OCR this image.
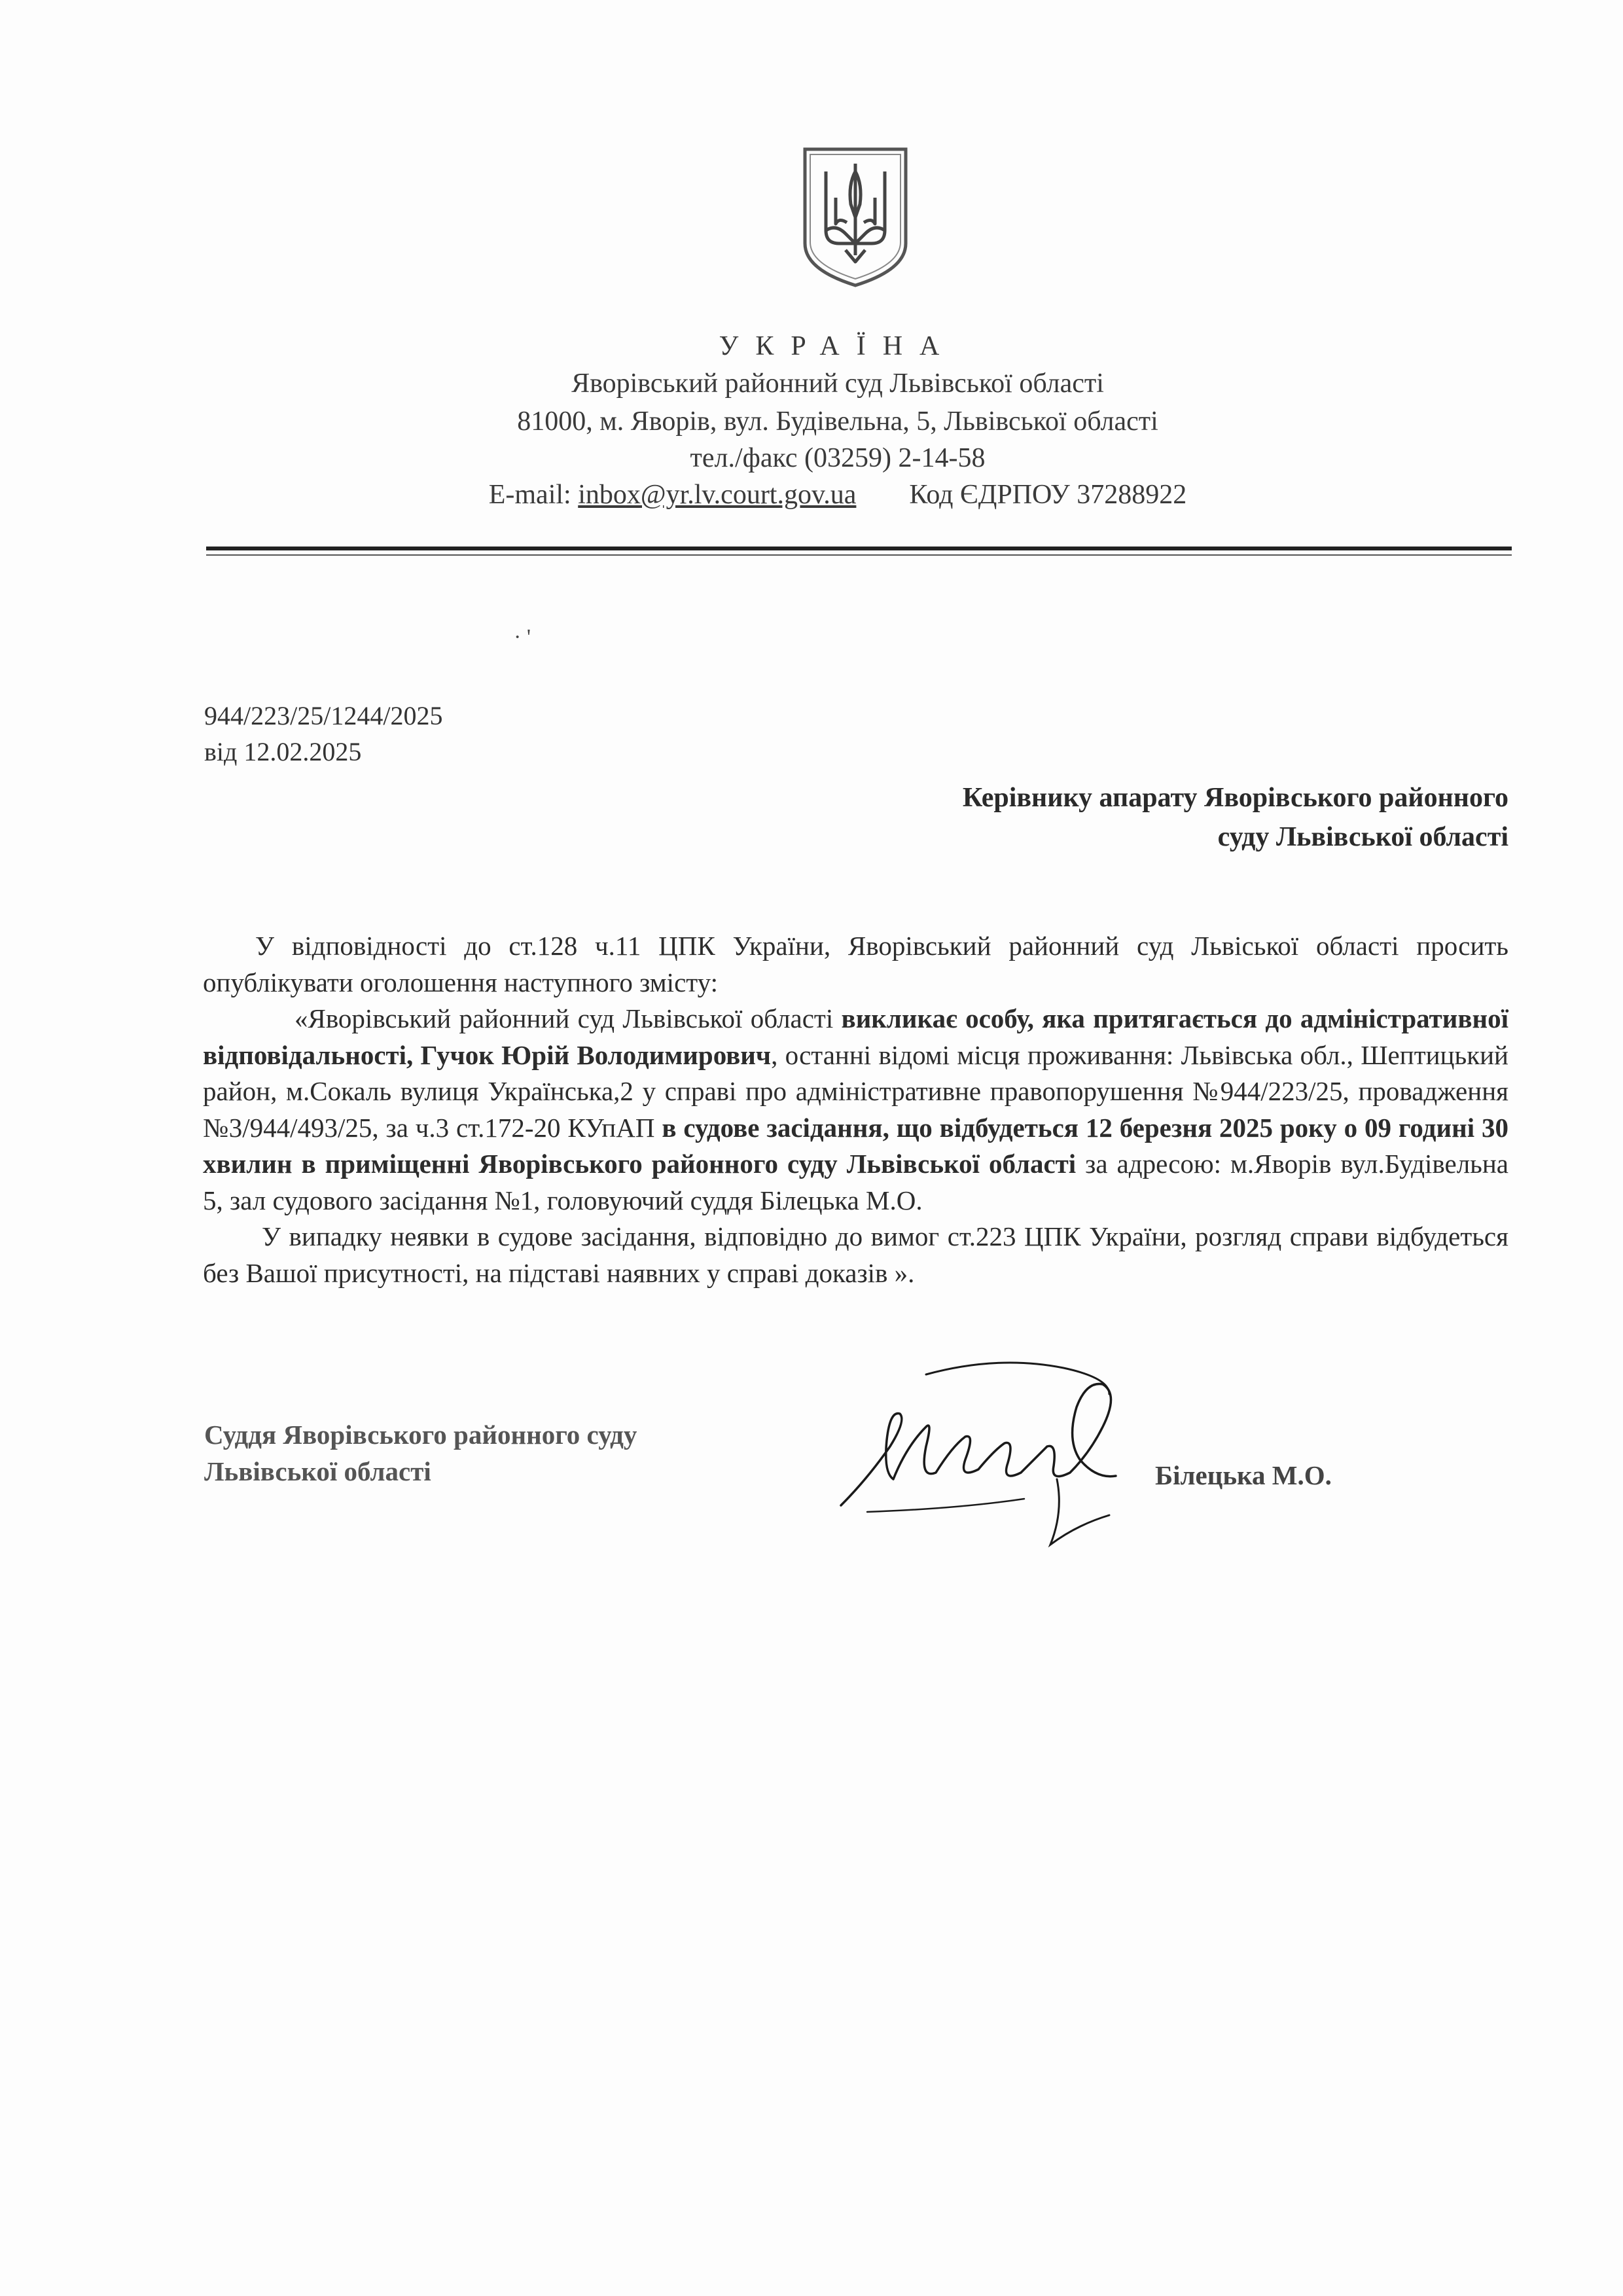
УКРАЇНА
Яворівський районний суд Львівської області
81000, м. Яворів, вул. Будівельна, 5, Львівської області
тел./факс (03259) 2-14-58
E-mail: inbox@yr.lv.court.gov.ua Код ЄДРПОУ 37288922
· '
944/223/25/1244/2025
від 12.02.2025
Керівнику апарату Яворівського районного
суду Львівської області

У відповідності до ст.128 ч.11 ЦПК України, Яворівський районний суд Львіської області просить опублікувати оголошення наступного змісту:

«Яворівський районний суд Львівської області викликає особу, яка притягається до адміністративної відповідальності, Гучок Юрій Володимирович, останні відомі місця проживання: Львівська обл., Шептицький район, м.Сокаль вулиця Українська,2 у справі про адміністративне правопорушення №944/223/25, провадження №3/944/493/25, за ч.3 ст.172-20 КУпАП в судове засідання, що відбудеться 12 березня 2025 року о 09 годині 30 хвилин в приміщенні Яворівського районного суду Львівської області за адресою: м.Яворів вул.Будівельна 5, зал судового засідання №1, головуючий суддя Білецька М.О.

У випадку неявки в судове засідання, відповідно до вимог ст.223 ЦПК України, розгляд справи відбудеться без Вашої присутності, на підставі наявних у справі доказів ».

Суддя Яворівського районного суду
Львівської області	Білецька М.О.
